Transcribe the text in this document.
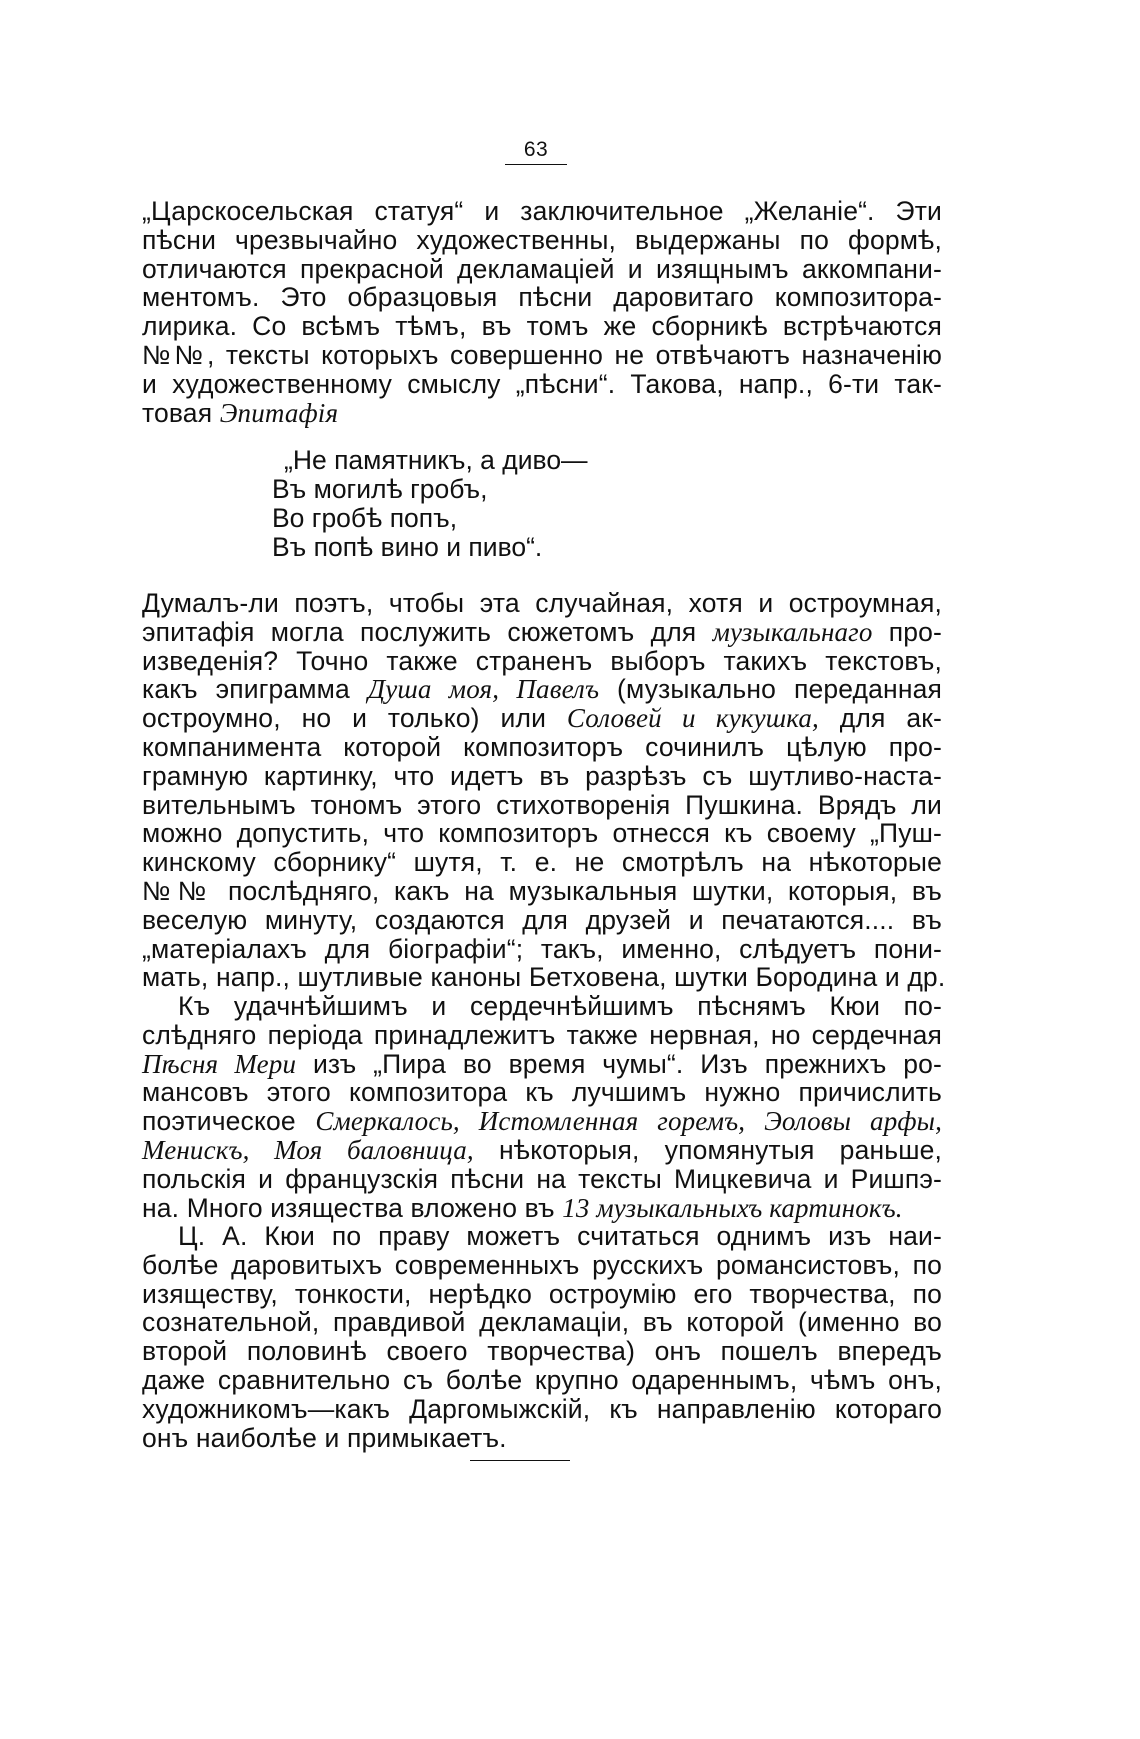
63
„Царскосельская статуя“ и заключительное „Желаніе“. Эти
пѣсни чрезвычайно художественны, выдержаны по формѣ,
отличаются прекрасной декламаціей и изящнымъ аккомпани-
ментомъ. Это образцовыя пѣсни даровитаго композитора-
лирика. Со всѣмъ тѣмъ, въ томъ же сборникѣ встрѣчаются
№№, тексты которыхъ совершенно не отвѣчаютъ назначенію
и художественному смыслу „пѣсни“. Такова, напр., 6-ти так-
товая Эпитафія
„Не памятникъ, а диво—
Въ могилѣ гробъ,
Во гробѣ попъ,
Въ попѣ вино и пиво“.
Думалъ-ли поэтъ, чтобы эта случайная, хотя и остроумная,
эпитафія могла послужить сюжетомъ для музыкальнаго про-
изведенія? Точно также страненъ выборъ такихъ текстовъ,
какъ эпиграмма Душа моя, Павелъ (музыкально переданная
остроумно, но и только) или Соловей и кукушка, для ак-
компанимента которой композиторъ сочинилъ цѣлую про-
грамную картинку, что идетъ въ разрѣзъ съ шутливо-наста-
вительнымъ тономъ этого стихотворенія Пушкина. Врядъ ли
можно допустить, что композиторъ отнесся къ своему „Пуш-
кинскому сборнику“ шутя, т. е. не смотрѣлъ на нѣкоторые
№№ послѣдняго, какъ на музыкальныя шутки, которыя, въ
веселую минуту, создаются для друзей и печатаются.... въ
„матеріалахъ для біографіи“; такъ, именно, слѣдуетъ пони-
мать, напр., шутливые каноны Бетховена, шутки Бородина и др.
Къ удачнѣйшимъ и сердечнѣйшимъ пѣснямъ Кюи по-
слѣдняго періода принадлежитъ также нервная, но сердечная
Пѣсня Мери изъ „Пира во время чумы“. Изъ прежнихъ ро-
мансовъ этого композитора къ лучшимъ нужно причислить
поэтическое Смеркалось, Истомленная горемъ, Эоловы арфы,
Менискъ, Моя баловница, нѣкоторыя, упомянутыя раньше,
польскія и французскія пѣсни на тексты Мицкевича и Ришпэ-
на. Много изящества вложено въ 13 музыкальныхъ картинокъ.
Ц. А. Кюи по праву можетъ считаться однимъ изъ наи-
болѣе даровитыхъ современныхъ русскихъ романсистовъ, по
изяществу, тонкости, нерѣдко остроумію его творчества, по
сознательной, правдивой декламаціи, въ которой (именно во
второй половинѣ своего творчества) онъ пошелъ впередъ
даже сравнительно съ болѣе крупно одареннымъ, чѣмъ онъ,
художникомъ—какъ Даргомыжскій, къ направленію котораго
онъ наиболѣе и примыкаетъ.
